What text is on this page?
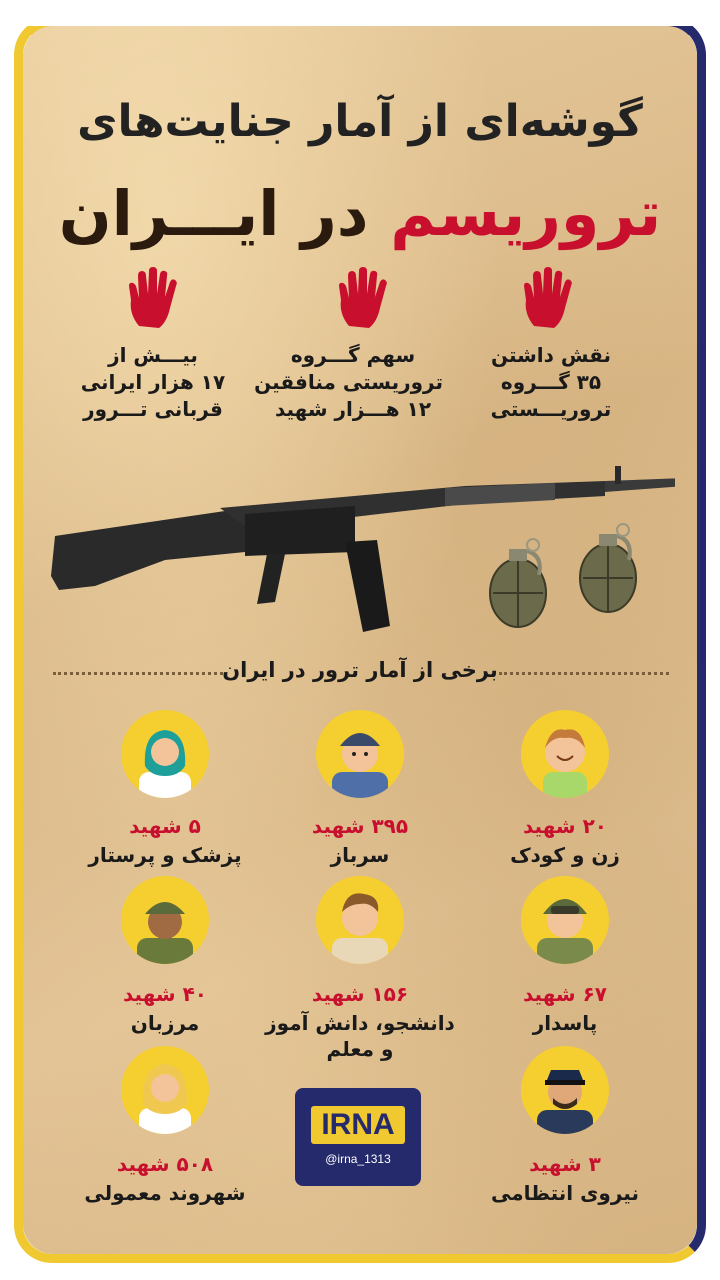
گوشه‌ای از آمار جنایت‌های
تروریسم در ایـــران
نقش داشتن
۳۵ گـــروه
تروریـــستی
سهم گـــروه
تروریستی منافقین
۱۲ هـــزار شهید
بیـــش از
۱۷ هزار ایرانی
قربانی تـــرور
برخی از آمار ترور در ایران
۲۰ شهید
۳۹۵ شهید
۵ شهید
زن و کودک
سرباز
پزشک و پرستار
۶۷ شهید
۱۵۶ شهید
۴۰ شهید
پاسدار
دانشجو، دانش آموز
و معلم
مرزبان
IRNA
@irna_1313	۳ شهید
۵۰۸ شهید
نیروی انتظامی
شهروند معمولی
